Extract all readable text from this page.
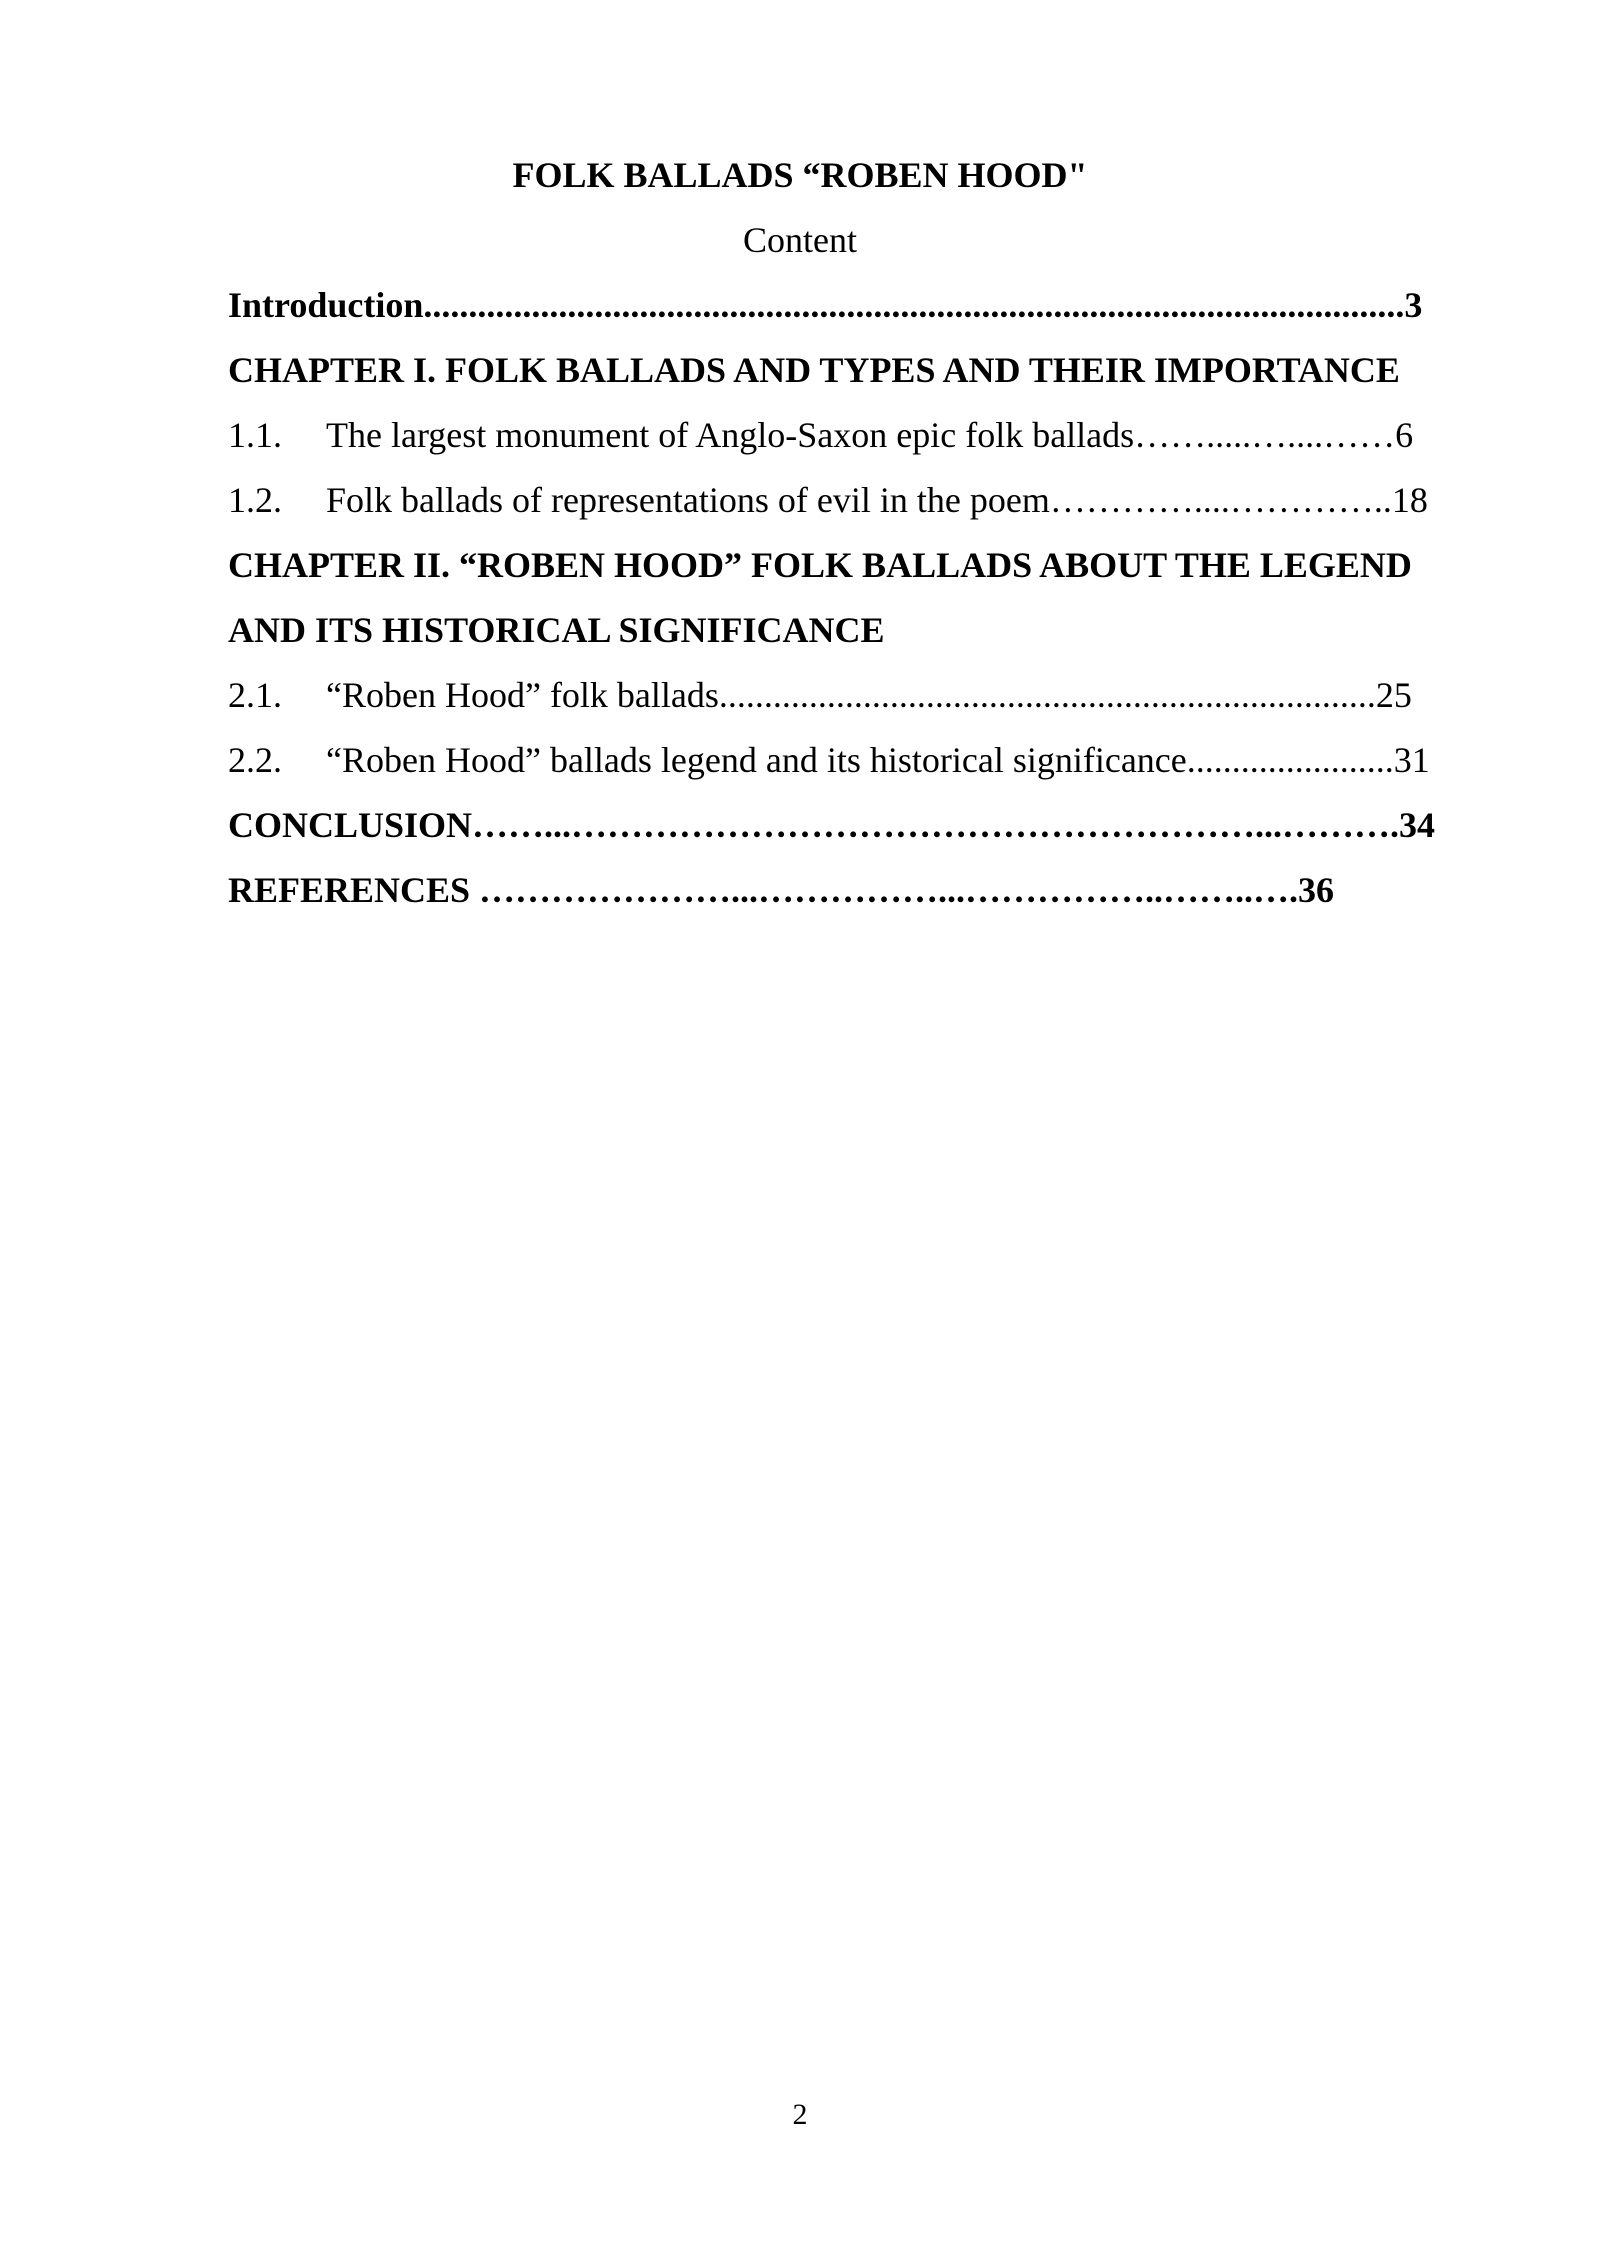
FOLK BALLADS “ROBEN HOOD"
Content
Introduction.............................................................................................................3
CHAPTER I. FOLK BALLADS AND TYPES AND THEIR IMPORTANCE
1.1. The largest monument of Anglo-Saxon epic folk ballads…….....…....……6
1.2. Folk ballads of representations of evil in the poem…………....…………..18
CHAPTER II. “ROBEN HOOD” FOLK BALLADS ABOUT THE LEGEND
AND ITS HISTORICAL SIGNIFICANCE
2.1. “Roben Hood” folk ballads.........................................................................25
2.2. “Roben Hood” ballads legend and its historical significance.......................31
CONCLUSION……...…………………………………………………...……….34
REFERENCES …………………...……………...……………..……..….36
2
